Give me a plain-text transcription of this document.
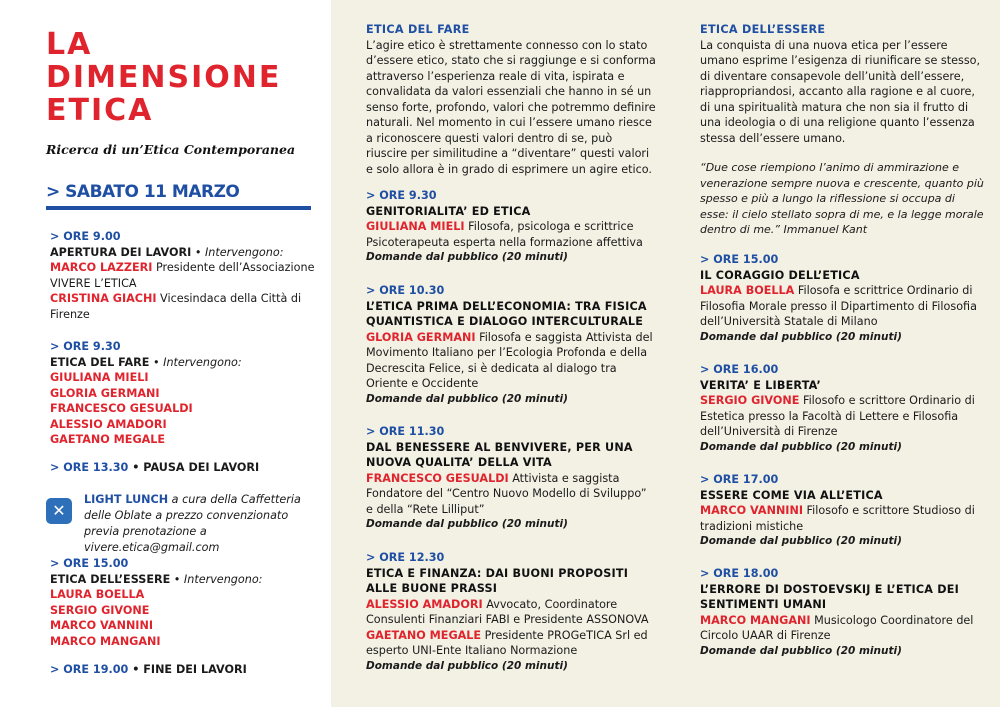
LA
DIMENSIONE
ETICA
Ricerca di un’Etica Contemporanea
> SABATO 11 MARZO
> ORE 9.00
APERTURA DEI LAVORI • Intervengono:
MARCO LAZZERI Presidente dell’Associazione
VIVERE L’ETICA
CRISTINA GIACHI Vicesindaca della Città di Firenze
> ORE 9.30
ETICA DEL FARE • Intervengono:
GIULIANA MIELI
GLORIA GERMANI
FRANCESCO GESUALDI
ALESSIO AMADORI
GAETANO MEGALE
> ORE 13.30 • PAUSA DEI LAVORI
✕
LIGHT LUNCH a cura della Caffetteria delle Oblate a prezzo convenzionato previa prenotazione a vivere.etica@gmail.com
> ORE 15.00
ETICA DELL’ESSERE • Intervengono:
LAURA BOELLA
SERGIO GIVONE
MARCO VANNINI
MARCO MANGANI
> ORE 19.00 • FINE DEI LAVORI
ETICA DEL FARE
L’agire etico è strettamente connesso con lo stato d’essere etico, stato che si raggiunge e si conforma attraverso l’esperienza reale di vita, ispirata e convalidata da valori essenziali che hanno in sé un senso forte, profondo, valori che potremmo definire naturali. Nel momento in cui l’essere umano riesce a riconoscere questi valori dentro di se, può riuscire per similitudine a “diventare” questi valori e solo allora è in grado di esprimere un agire etico.
> ORE 9.30
GENITORIALITA’ ED ETICA
GIULIANA MIELI Filosofa, psicologa e scrittrice Psicoterapeuta esperta nella formazione affettiva
Domande dal pubblico (20 minuti)
> ORE 10.30
L’ETICA PRIMA DELL’ECONOMIA: TRA FISICA QUANTISTICA E DIALOGO INTERCULTURALE
GLORIA GERMANI Filosofa e saggista Attivista del Movimento Italiano per l’Ecologia Profonda e della Decrescita Felice, si è dedicata al dialogo tra Oriente e Occidente
Domande dal pubblico (20 minuti)
> ORE 11.30
DAL BENESSERE AL BENVIVERE, PER UNA NUOVA QUALITA’ DELLA VITA
FRANCESCO GESUALDI Attivista e saggista Fondatore del “Centro Nuovo Modello di Sviluppo” e della “Rete Lilliput”
Domande dal pubblico (20 minuti)
> ORE 12.30
ETICA E FINANZA: DAI BUONI PROPOSITI ALLE BUONE PRASSI
ALESSIO AMADORI Avvocato, Coordinatore Consulenti Finanziari FABI e Presidente ASSONOVA
GAETANO MEGALE Presidente PROGeTICA Srl ed esperto UNI-Ente Italiano Normazione
Domande dal pubblico (20 minuti)
ETICA DELL’ESSERE
La conquista di una nuova etica per l’essere umano esprime l’esigenza di riunificare se stesso, di diventare consapevole dell’unità dell’essere, riappropriandosi, accanto alla ragione e al cuore, di una spiritualità matura che non sia il frutto di una ideologia o di una religione quanto l’essenza stessa dell’essere umano.
“Due cose riempiono l’animo di ammirazione e venerazione sempre nuova e crescente, quanto più spesso e più a lungo la riflessione si occupa di esse: il cielo stellato sopra di me, e la legge morale dentro di me.” Immanuel Kant
> ORE 15.00
IL CORAGGIO DELL’ETICA
LAURA BOELLA Filosofa e scrittrice Ordinario di Filosofia Morale presso il Dipartimento di Filosofia dell’Università Statale di Milano
Domande dal pubblico (20 minuti)
> ORE 16.00
VERITA’ E LIBERTA’
SERGIO GIVONE Filosofo e scrittore Ordinario di Estetica presso la Facoltà di Lettere e Filosofia dell’Università di Firenze
Domande dal pubblico (20 minuti)
> ORE 17.00
ESSERE COME VIA ALL’ETICA
MARCO VANNINI Filosofo e scrittore Studioso di tradizioni mistiche
Domande dal pubblico (20 minuti)
> ORE 18.00
L’ERRORE DI DOSTOEVSKIJ E L’ETICA DEI SENTIMENTI UMANI
MARCO MANGANI Musicologo Coordinatore del Circolo UAAR di Firenze
Domande dal pubblico (20 minuti)
